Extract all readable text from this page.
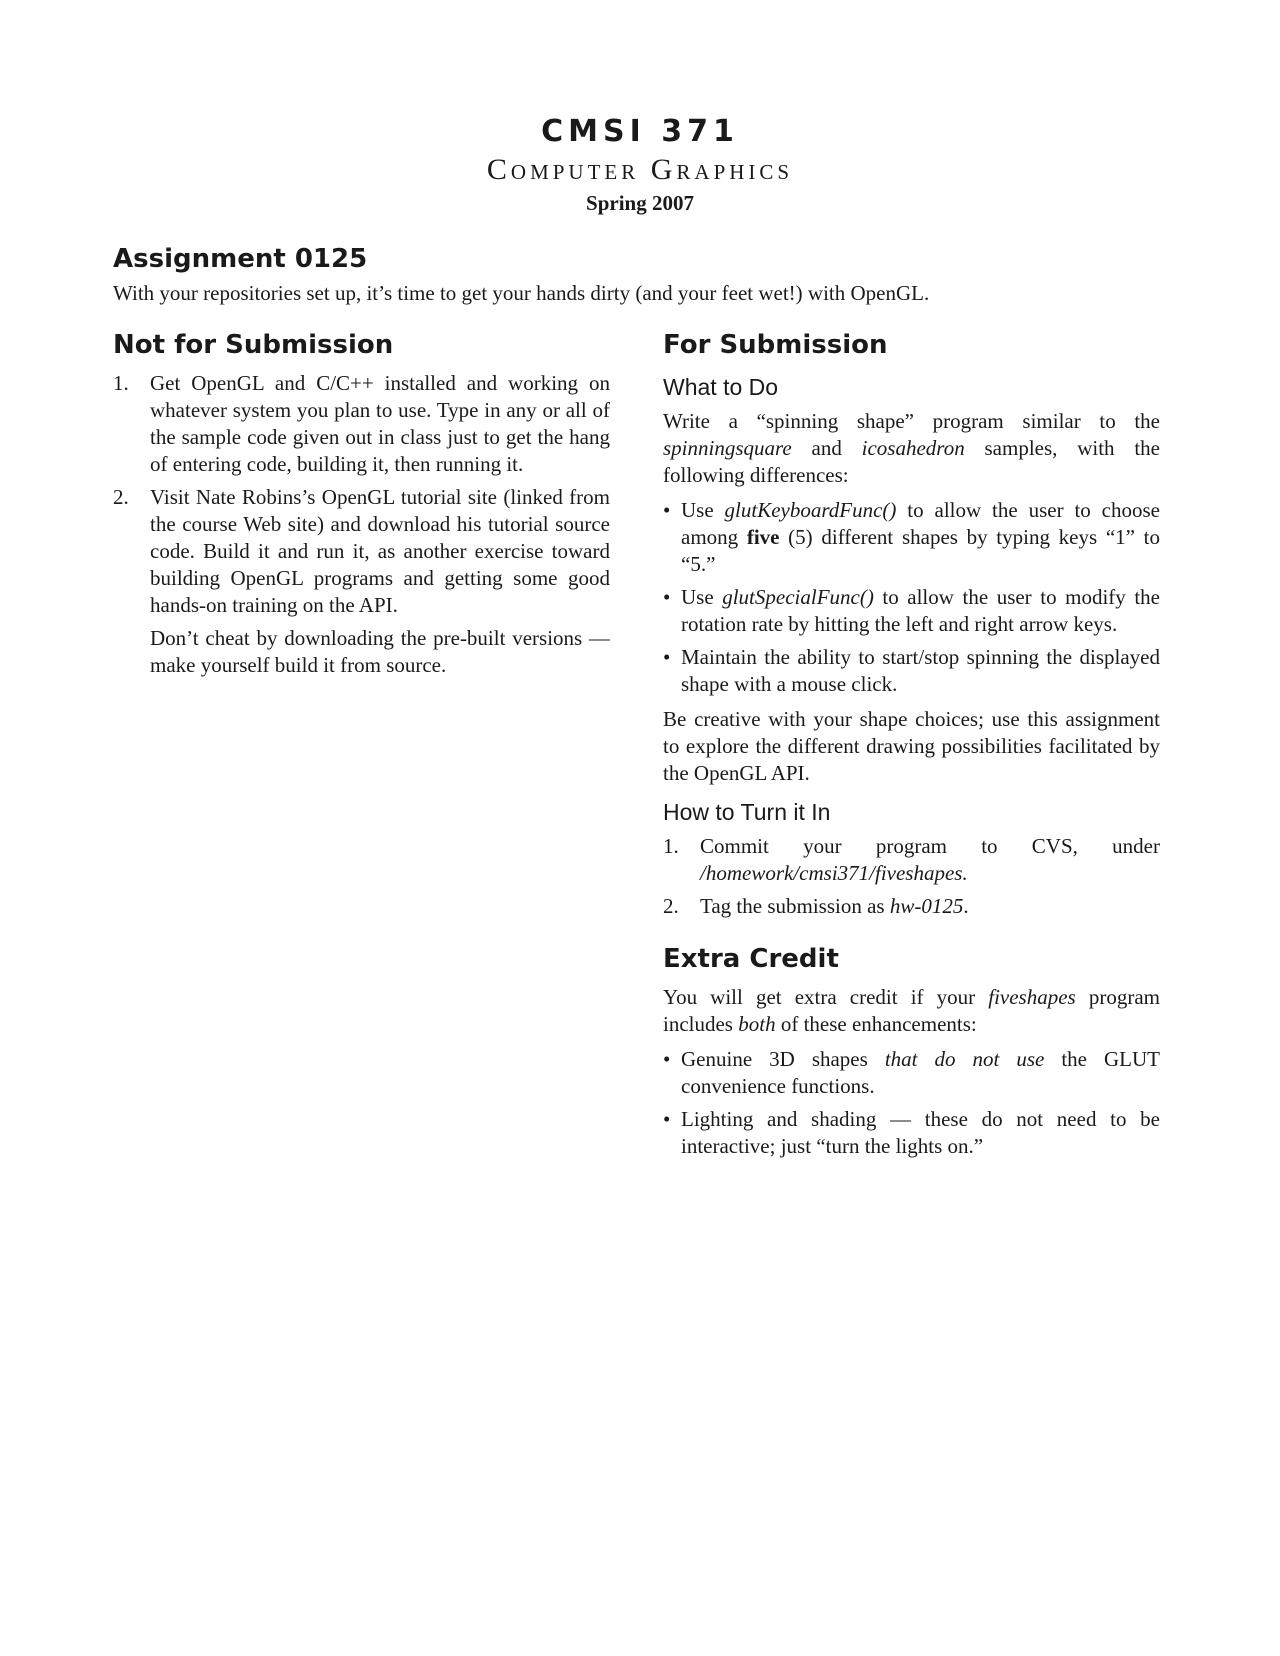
CMSI 371
Computer Graphics
Spring 2007
Assignment 0125
With your repositories set up, it’s time to get your hands dirty (and your feet wet!) with OpenGL.
Not for Submission
1. Get OpenGL and C/C++ installed and working on whatever system you plan to use. Type in any or all of the sample code given out in class just to get the hang of entering code, building it, then running it.
2. Visit Nate Robins’s OpenGL tutorial site (linked from the course Web site) and download his tutorial source code. Build it and run it, as another exercise toward building OpenGL programs and getting some good hands-on training on the API.
Don’t cheat by downloading the pre-built versions — make yourself build it from source.
For Submission
What to Do

Write a “spinning shape” program similar to the spinningsquare and icosahedron samples, with the following differences:

• Use glutKeyboardFunc() to allow the user to choose among five (5) different shapes by typing keys “1” to “5.”
• Use glutSpecialFunc() to allow the user to modify the rotation rate by hitting the left and right arrow keys.
• Maintain the ability to start/stop spinning the displayed shape with a mouse click.

Be creative with your shape choices; use this assignment to explore the different drawing possibilities facilitated by the OpenGL API.

How to Turn it In
1. Commit your program to CVS, under
/homework/cmsi371/fiveshapes.
2. Tag the submission as hw-0125.
Extra Credit

You will get extra credit if your fiveshapes program includes both of these enhancements:

• Genuine 3D shapes that do not use the GLUT convenience functions.
• Lighting and shading — these do not need to be interactive; just “turn the lights on.”
